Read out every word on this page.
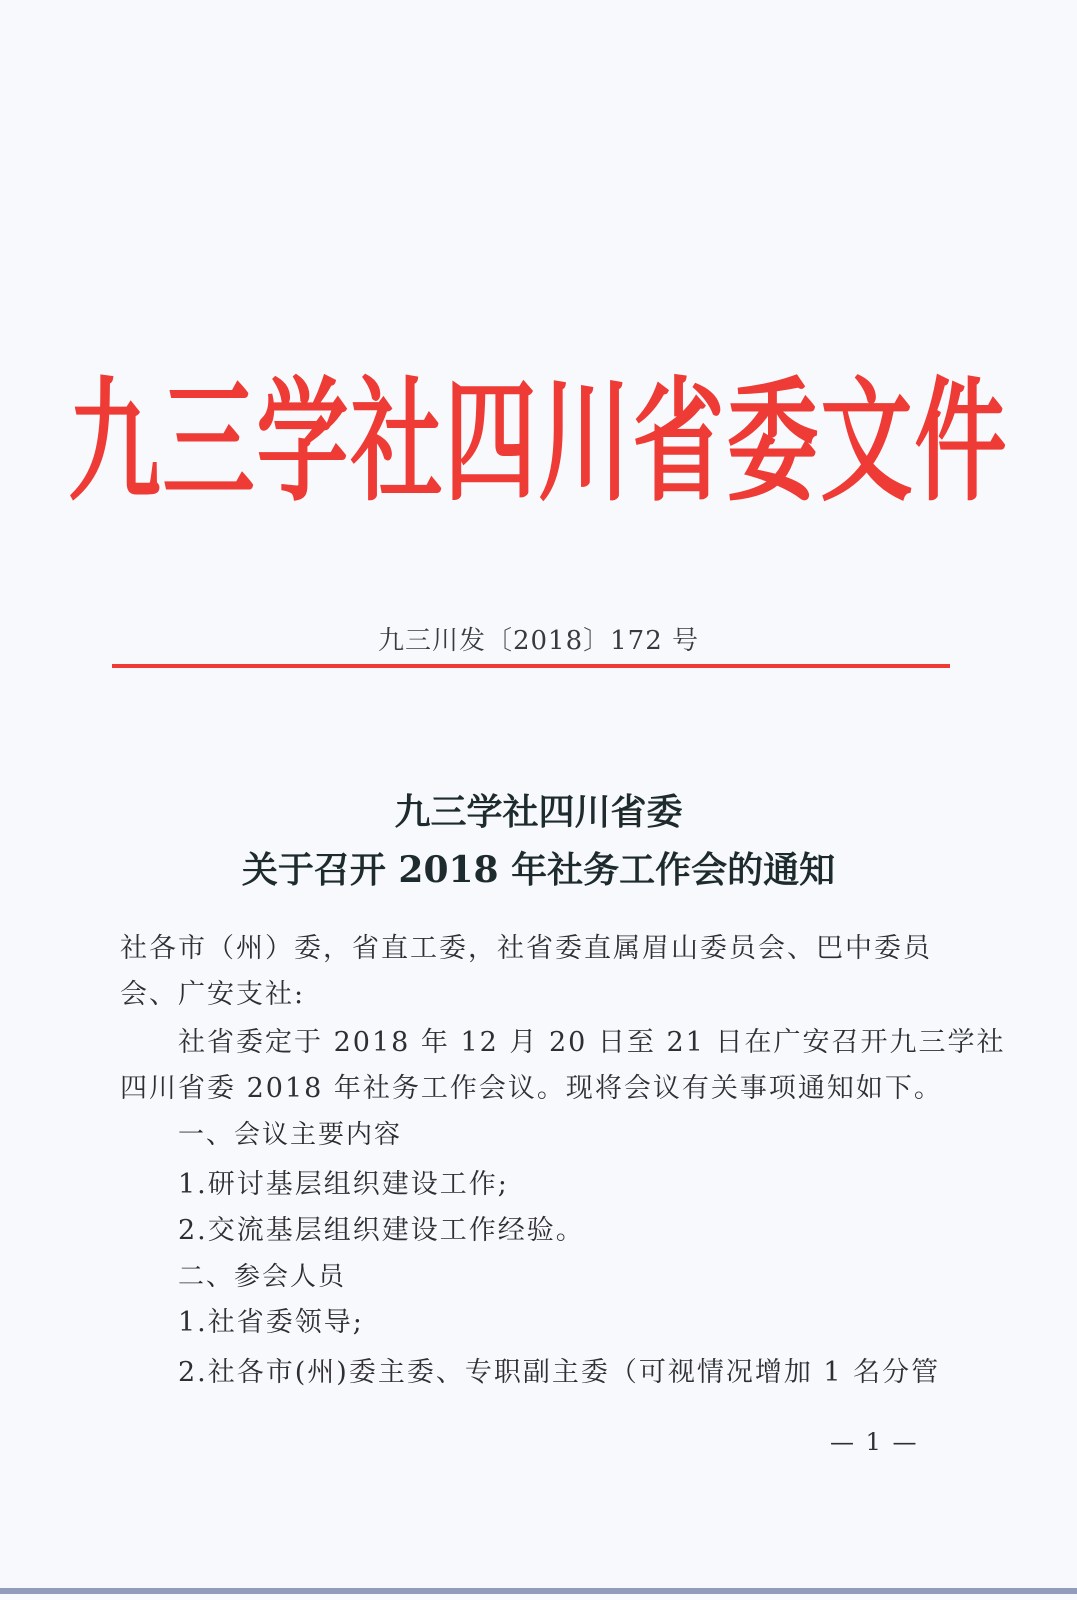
九三学社四川省委文件
九三川发〔2018〕172 号
九三学社四川省委
关于召开 2018 年社务工作会的通知
社各市（州）委，省直工委，社省委直属眉山委员会、巴中委员
会、广安支社:
社省委定于 2018 年 12 月 20 日至 21 日在广安召开九三学社
四川省委 2018 年社务工作会议。现将会议有关事项通知如下。
一、会议主要内容
1.研讨基层组织建设工作;
2.交流基层组织建设工作经验。
二、参会人员
1.社省委领导;
2.社各市(州)委主委、专职副主委（可视情况增加 1 名分管
— 1 —
